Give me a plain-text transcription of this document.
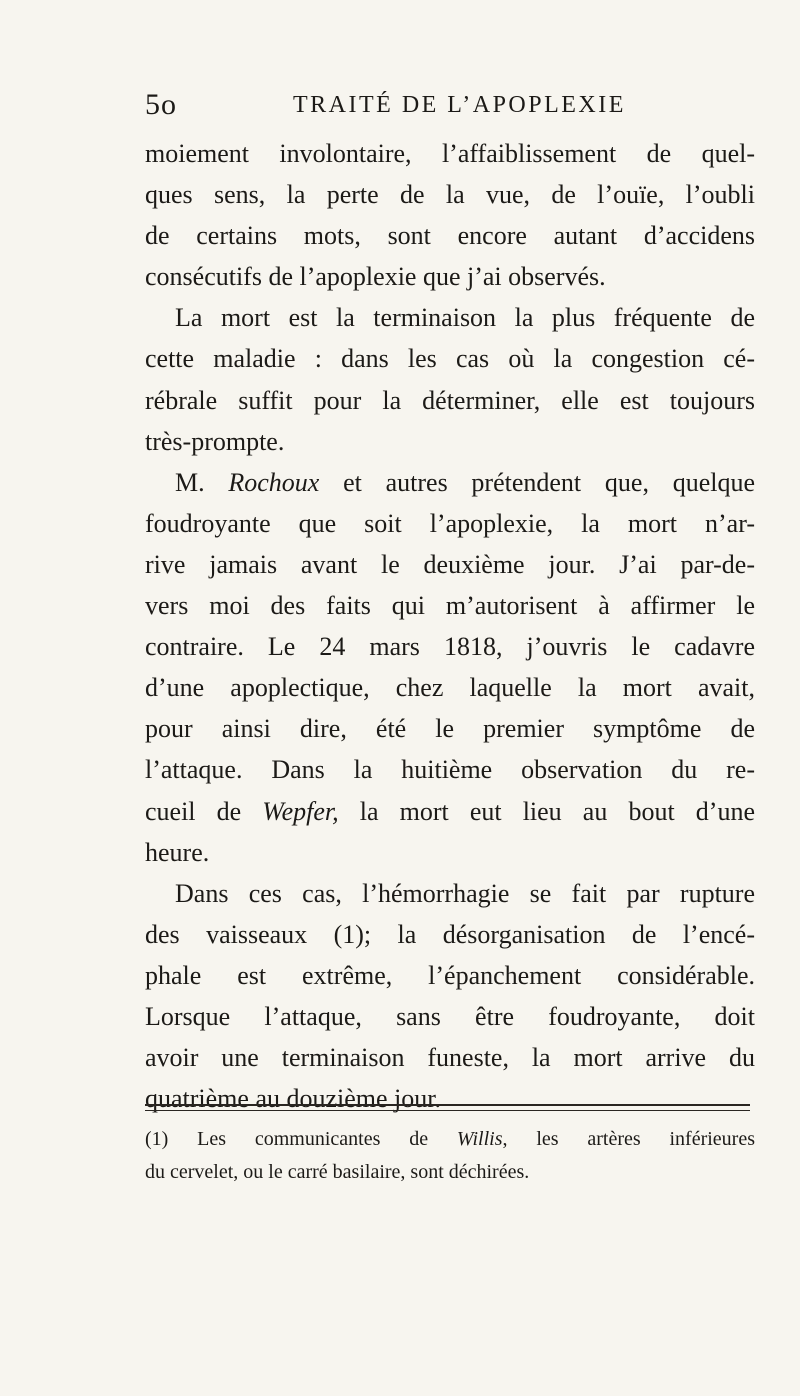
5o	TRAITÉ DE L’APOPLEXIE
moiement involontaire, l’affaiblissement de quel-
ques sens, la perte de la vue, de l’ouïe, l’oubli
de certains mots, sont encore autant d’accidens
consécutifs de l’apoplexie que j’ai observés.
La mort est la terminaison la plus fréquente de
cette maladie : dans les cas où la congestion cé-
rébrale suffit pour la déterminer, elle est toujours
très-prompte.
M. Rochoux et autres prétendent que, quelque
foudroyante que soit l’apoplexie, la mort n’ar-
rive jamais avant le deuxième jour. J’ai par-de-
vers moi des faits qui m’autorisent à affirmer le
contraire. Le 24 mars 1818, j’ouvris le cadavre
d’une apoplectique, chez laquelle la mort avait,
pour ainsi dire, été le premier symptôme de
l’attaque. Dans la huitième observation du re-
cueil de Wepfer, la mort eut lieu au bout d’une
heure.
Dans ces cas, l’hémorrhagie se fait par rupture
des vaisseaux (1); la désorganisation de l’encé-
phale est extrême, l’épanchement considérable.
Lorsque l’attaque, sans être foudroyante, doit
avoir une terminaison funeste, la mort arrive du
quatrième au douzième jour.
(1) Les communicantes de Willis, les artères inférieures
du cervelet, ou le carré basilaire, sont déchirées.
